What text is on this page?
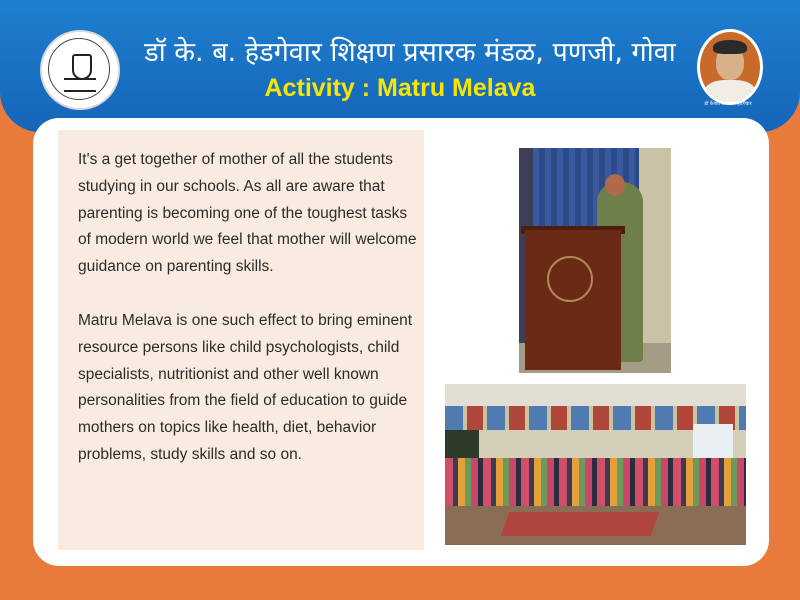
डॉ के. ब. हेडगेवार शिक्षण प्रसारक मंडळ, पणजी, गोवा
Activity : Matru Melava
डॉ केशव बळीराम हेडगेवार

It's a get together of mother of all the students studying in our schools. As all are aware that parenting is becoming one of the toughest tasks of modern world we feel that mother will welcome guidance on parenting skills.

Matru Melava is one such effect to bring eminent resource persons like child psychologists, child specialists, nutritionist and other well known personalities from the field of education to guide mothers on topics like health, diet, behavior problems, study skills and so on.
